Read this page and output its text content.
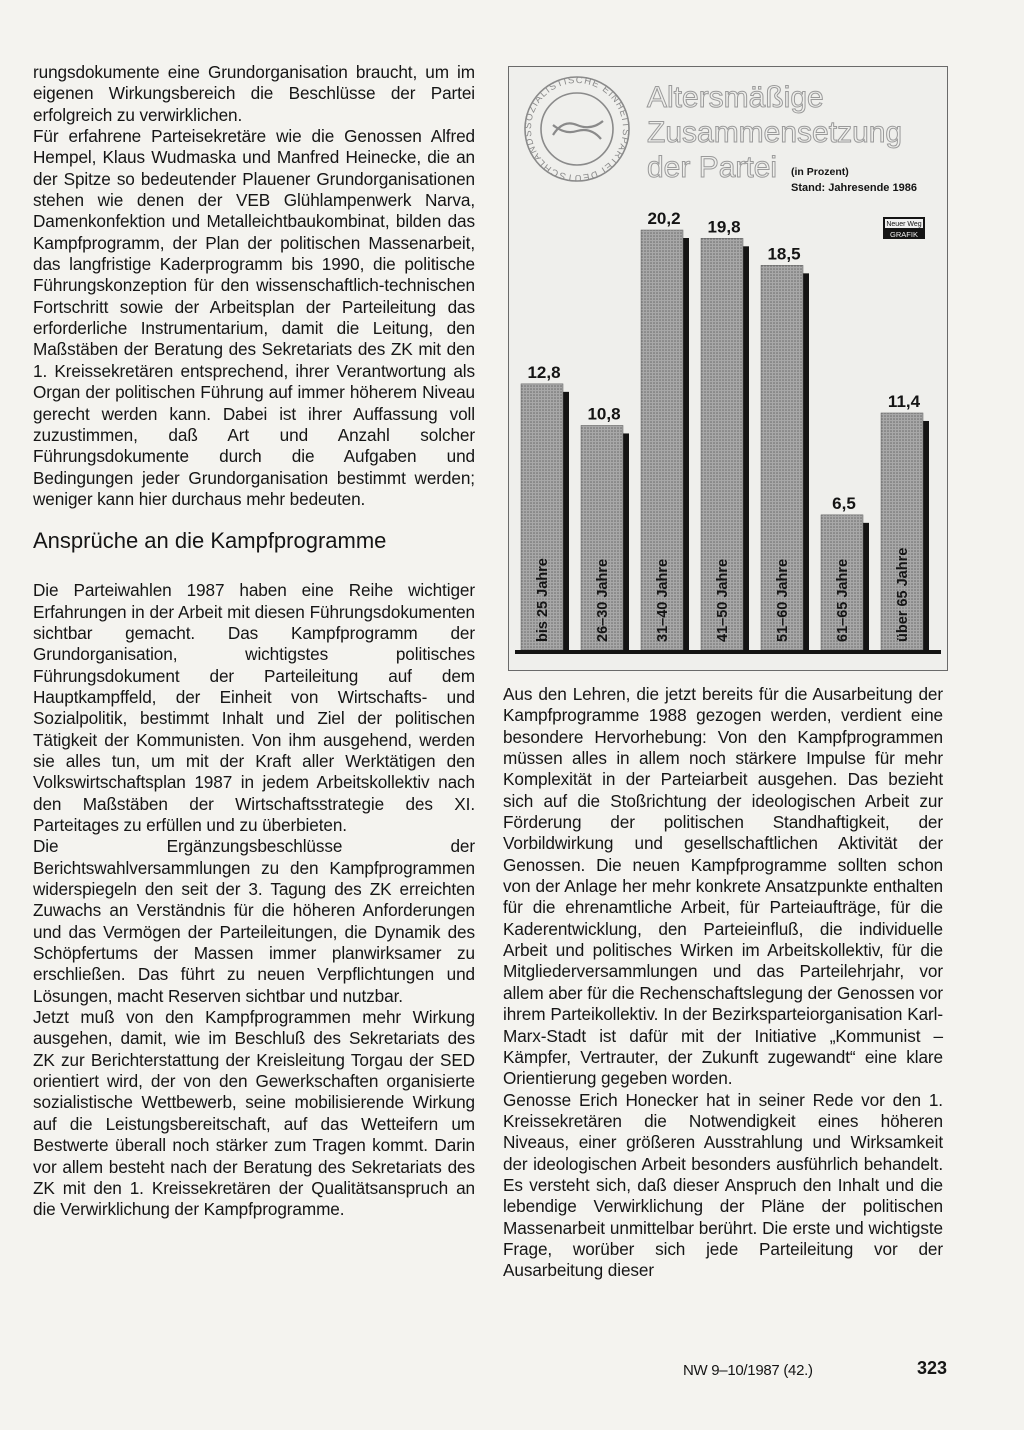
rungsdokumente eine Grundorganisation braucht, um im eigenen Wirkungsbereich die Beschlüsse der Partei erfolgreich zu verwirklichen.

Für erfahrene Parteisekretäre wie die Genossen Alfred Hempel, Klaus Wudmaska und Manfred Heinecke, die an der Spitze so bedeutender Plauener Grundorganisationen stehen wie denen der VEB Glühlampenwerk Narva, Damenkonfektion und Metalleichtbaukombinat, bilden das Kampfprogramm, der Plan der politischen Massenarbeit, das langfristige Kaderprogramm bis 1990, die politische Führungskonzeption für den wissenschaftlich-technischen Fortschritt sowie der Arbeitsplan der Parteileitung das erforderliche Instrumentarium, damit die Leitung, den Maßstäben der Beratung des Sekretariats des ZK mit den 1. Kreissekretären entsprechend, ihrer Verantwortung als Organ der politischen Führung auf immer höherem Niveau gerecht werden kann. Dabei ist ihrer Auffassung voll zuzustimmen, daß Art und Anzahl solcher Führungsdokumente durch die Aufgaben und Bedingungen jeder Grundorganisation bestimmt werden; weniger kann hier durchaus mehr bedeuten.

Ansprüche an die Kampfprogramme

Die Parteiwahlen 1987 haben eine Reihe wichtiger Erfahrungen in der Arbeit mit diesen Führungsdokumenten sichtbar gemacht. Das Kampfprogramm der Grundorganisation, wichtigstes politisches Führungsdokument der Parteileitung auf dem Hauptkampffeld, der Einheit von Wirtschafts- und Sozialpolitik, bestimmt Inhalt und Ziel der politischen Tätigkeit der Kommunisten. Von ihm ausgehend, werden sie alles tun, um mit der Kraft aller Werktätigen den Volkswirtschaftsplan 1987 in jedem Arbeitskollektiv nach den Maßstäben der Wirtschaftsstrategie des XI. Parteitages zu erfüllen und zu überbieten.

Die Ergänzungsbeschlüsse der Berichtswahlversammlungen zu den Kampfprogrammen widerspiegeln den seit der 3. Tagung des ZK erreichten Zuwachs an Verständnis für die höheren Anforderungen und das Vermögen der Parteileitungen, die Dynamik des Schöpfertums der Massen immer planwirksamer zu erschließen. Das führt zu neuen Verpflichtungen und Lösungen, macht Reserven sichtbar und nutzbar.

Jetzt muß von den Kampfprogrammen mehr Wirkung ausgehen, damit, wie im Beschluß des Sekretariats des ZK zur Berichterstattung der Kreisleitung Torgau der SED orientiert wird, der von den Gewerkschaften organisierte sozialistische Wettbewerb, seine mobilisierende Wirkung auf die Leistungsbereitschaft, auf das Wetteifern um Bestwerte überall noch stärker zum Tragen kommt. Darin vor allem besteht nach der Beratung des Sekretariats des ZK mit den 1. Kreissekretären der Qualitätsanspruch an die Verwirklichung der Kampfprogramme.

SOZIALISTISCHE EINHEITSPARTEI DEUTSCHLANDS
Altersmäßige
Zusammensetzung
der Partei (in Prozent)
Stand: Jahresende 1986
Neuer Weg
GRAFIK
12,8
bis 25 Jahre
10,8
26–30 Jahre
20,2
31–40 Jahre
19,8
41–50 Jahre
18,5
51–60 Jahre
6,5
61–65 Jahre
11,4
über 65 Jahre

Aus den Lehren, die jetzt bereits für die Ausarbeitung der Kampfprogramme 1988 gezogen werden, verdient eine besondere Hervorhebung: Von den Kampfprogrammen müssen alles in allem noch stärkere Impulse für mehr Komplexität in der Parteiarbeit ausgehen. Das bezieht sich auf die Stoßrichtung der ideologischen Arbeit zur Förderung der politischen Standhaftigkeit, der Vorbildwirkung und gesellschaftlichen Aktivität der Genossen. Die neuen Kampfprogramme sollten schon von der Anlage her mehr konkrete Ansatzpunkte enthalten für die ehrenamtliche Arbeit, für Parteiaufträge, für die Kaderentwicklung, den Parteieinfluß, die individuelle Arbeit und politisches Wirken im Arbeitskollektiv, für die Mitgliederversammlungen und das Parteilehrjahr, vor allem aber für die Rechenschaftslegung der Genossen vor ihrem Parteikollektiv. In der Bezirksparteiorganisation Karl-Marx-Stadt ist dafür mit der Initiative „Kommunist – Kämpfer, Vertrauter, der Zukunft zugewandt“ eine klare Orientierung gegeben worden.

Genosse Erich Honecker hat in seiner Rede vor den 1. Kreissekretären die Notwendigkeit eines höheren Niveaus, einer größeren Ausstrahlung und Wirksamkeit der ideologischen Arbeit besonders ausführlich behandelt. Es versteht sich, daß dieser Anspruch den Inhalt und die lebendige Verwirklichung der Pläne der politischen Massenarbeit unmittelbar berührt. Die erste und wichtigste Frage, worüber sich jede Parteileitung vor der Ausarbeitung dieser

NW 9–10/1987 (42.)	323
